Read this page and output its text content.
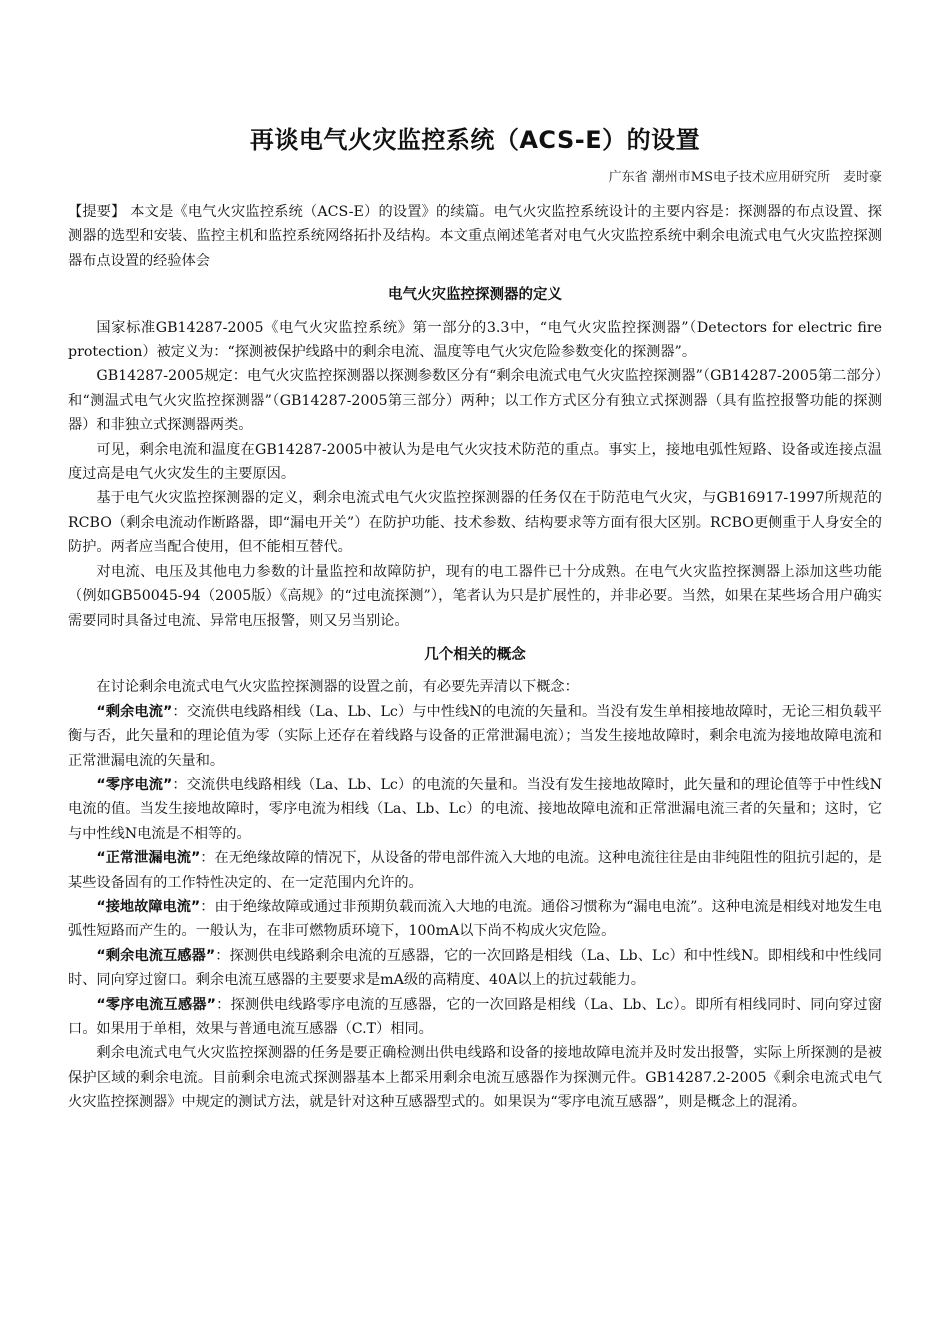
再谈电气火灾监控系统（ACS-E）的设置
广东省 潮州市MS电子技术应用研究所　麦时豪

【提要】 本文是《电气火灾监控系统（ACS-E）的设置》的续篇。电气火灾监控系统设计的主要内容是：探测器的布点设置、探测器的选型和安装、监控主机和监控系统网络拓扑及结构。本文重点阐述笔者对电气火灾监控系统中剩余电流式电气火灾监控探测器布点设置的经验体会

电气火灾监控探测器的定义

国家标准GB14287-2005《电气火灾监控系统》第一部分的3.3中，“电气火灾监控探测器”（Detectors for electric fire protection）被定义为：“探测被保护线路中的剩余电流、温度等电气火灾危险参数变化的探测器”。

GB14287-2005规定：电气火灾监控探测器以探测参数区分有“剩余电流式电气火灾监控探测器”（GB14287-2005第二部分）和“测温式电气火灾监控探测器”（GB14287-2005第三部分）两种；以工作方式区分有独立式探测器（具有监控报警功能的探测器）和非独立式探测器两类。

可见，剩余电流和温度在GB14287-2005中被认为是电气火灾技术防范的重点。事实上，接地电弧性短路、设备或连接点温度过高是电气火灾发生的主要原因。

基于电气火灾监控探测器的定义，剩余电流式电气火灾监控探测器的任务仅在于防范电气火灾，与GB16917-1997所规范的RCBO（剩余电流动作断路器，即“漏电开关”）在防护功能、技术参数、结构要求等方面有很大区别。RCBO更侧重于人身安全的防护。两者应当配合使用，但不能相互替代。

对电流、电压及其他电力参数的计量监控和故障防护，现有的电工器件已十分成熟。在电气火灾监控探测器上添加这些功能（例如GB50045-94（2005版）《高规》的“过电流探测”），笔者认为只是扩展性的，并非必要。当然，如果在某些场合用户确实需要同时具备过电流、异常电压报警，则又另当别论。

几个相关的概念

在讨论剩余电流式电气火灾监控探测器的设置之前，有必要先弄清以下概念：

“剩余电流”：交流供电线路相线（La、Lb、Lc）与中性线N的电流的矢量和。当没有发生单相接地故障时，无论三相负载平衡与否，此矢量和的理论值为零（实际上还存在着线路与设备的正常泄漏电流）；当发生接地故障时，剩余电流为接地故障电流和正常泄漏电流的矢量和。

“零序电流”：交流供电线路相线（La、Lb、Lc）的电流的矢量和。当没有发生接地故障时，此矢量和的理论值等于中性线N电流的值。当发生接地故障时，零序电流为相线（La、Lb、Lc）的电流、接地故障电流和正常泄漏电流三者的矢量和；这时，它与中性线N电流是不相等的。

“正常泄漏电流”：在无绝缘故障的情况下，从设备的带电部件流入大地的电流。这种电流往往是由非纯阻性的阻抗引起的，是某些设备固有的工作特性决定的、在一定范围内允许的。

“接地故障电流”：由于绝缘故障或通过非预期负载而流入大地的电流。通俗习惯称为“漏电电流”。这种电流是相线对地发生电弧性短路而产生的。一般认为，在非可燃物质环境下，100mA以下尚不构成火灾危险。

“剩余电流互感器”：探测供电线路剩余电流的互感器，它的一次回路是相线（La、Lb、Lc）和中性线N。即相线和中性线同时、同向穿过窗口。剩余电流互感器的主要要求是mA级的高精度、40A以上的抗过载能力。

“零序电流互感器”：探测供电线路零序电流的互感器，它的一次回路是相线（La、Lb、Lc）。即所有相线同时、同向穿过窗口。如果用于单相，效果与普通电流互感器（C.T）相同。

剩余电流式电气火灾监控探测器的任务是要正确检测出供电线路和设备的接地故障电流并及时发出报警，实际上所探测的是被保护区域的剩余电流。目前剩余电流式探测器基本上都采用剩余电流互感器作为探测元件。GB14287.2-2005《剩余电流式电气火灾监控探测器》中规定的测试方法，就是针对这种互感器型式的。如果误为“零序电流互感器”，则是概念上的混淆。
